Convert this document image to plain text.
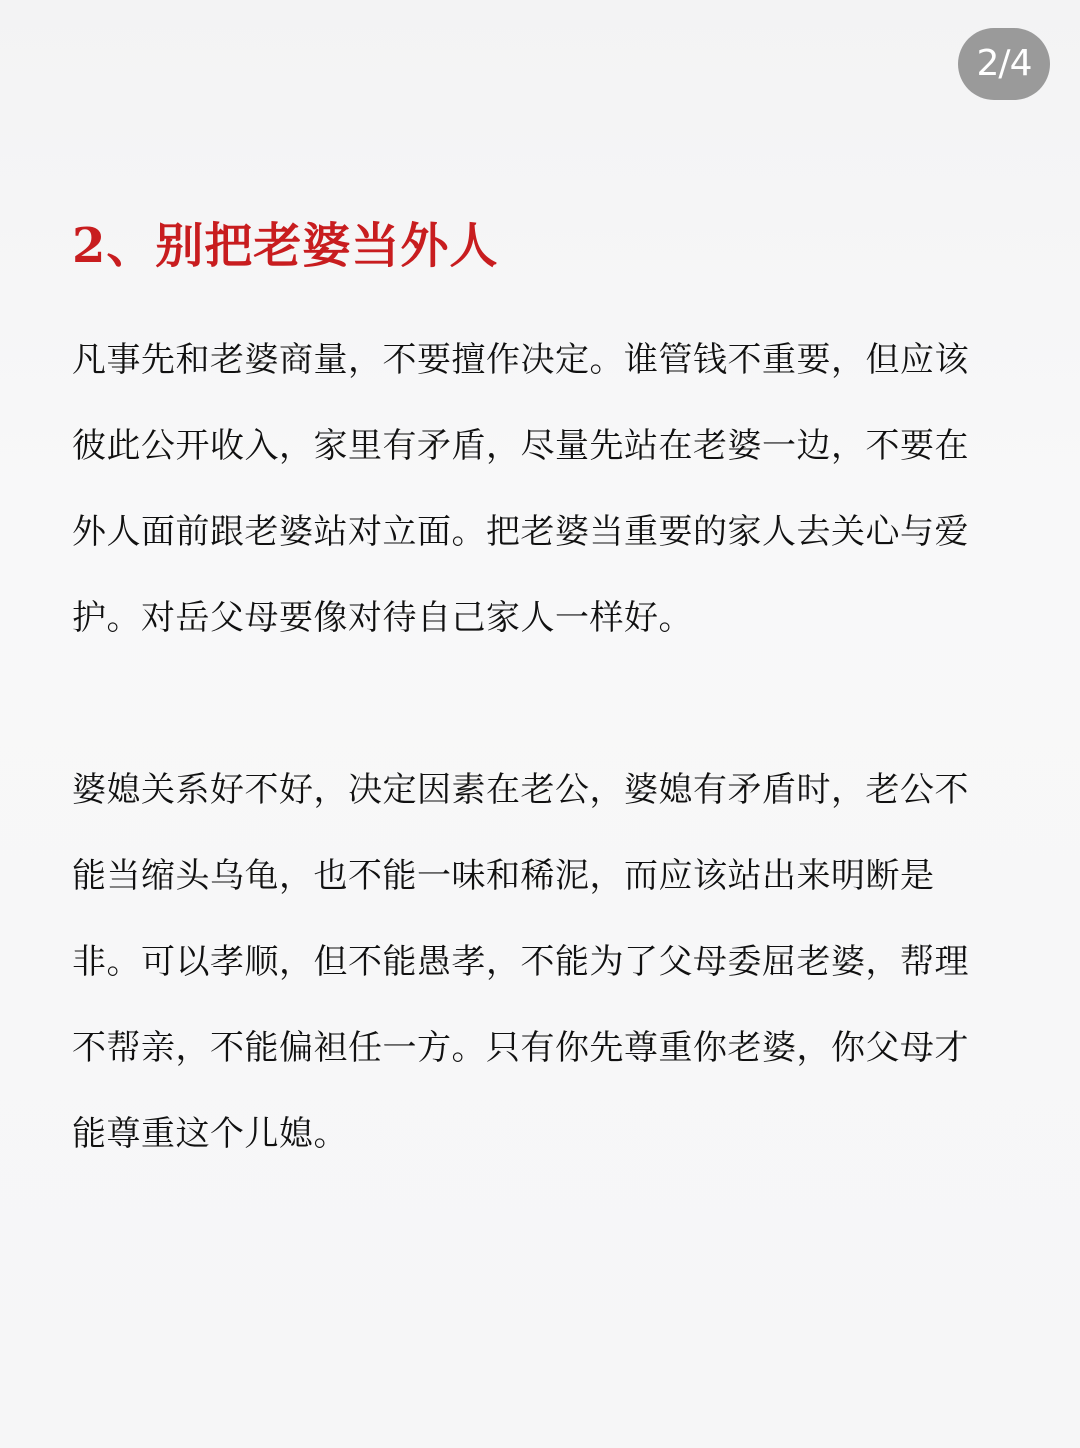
2/4
2、别把老婆当外人

凡事先和老婆商量，不要擅作决定。谁管钱不重要，但应该彼此公开收入，家里有矛盾，尽量先站在老婆一边，不要在外人面前跟老婆站对立面。把老婆当重要的家人去关心与爱护。对岳父母要像对待自己家人一样好。

婆媳关系好不好，决定因素在老公，婆媳有矛盾时，老公不能当缩头乌龟，也不能一味和稀泥，而应该站出来明断是非。可以孝顺，但不能愚孝，不能为了父母委屈老婆，帮理不帮亲，不能偏袒任一方。只有你先尊重你老婆，你父母才能尊重这个儿媳。
